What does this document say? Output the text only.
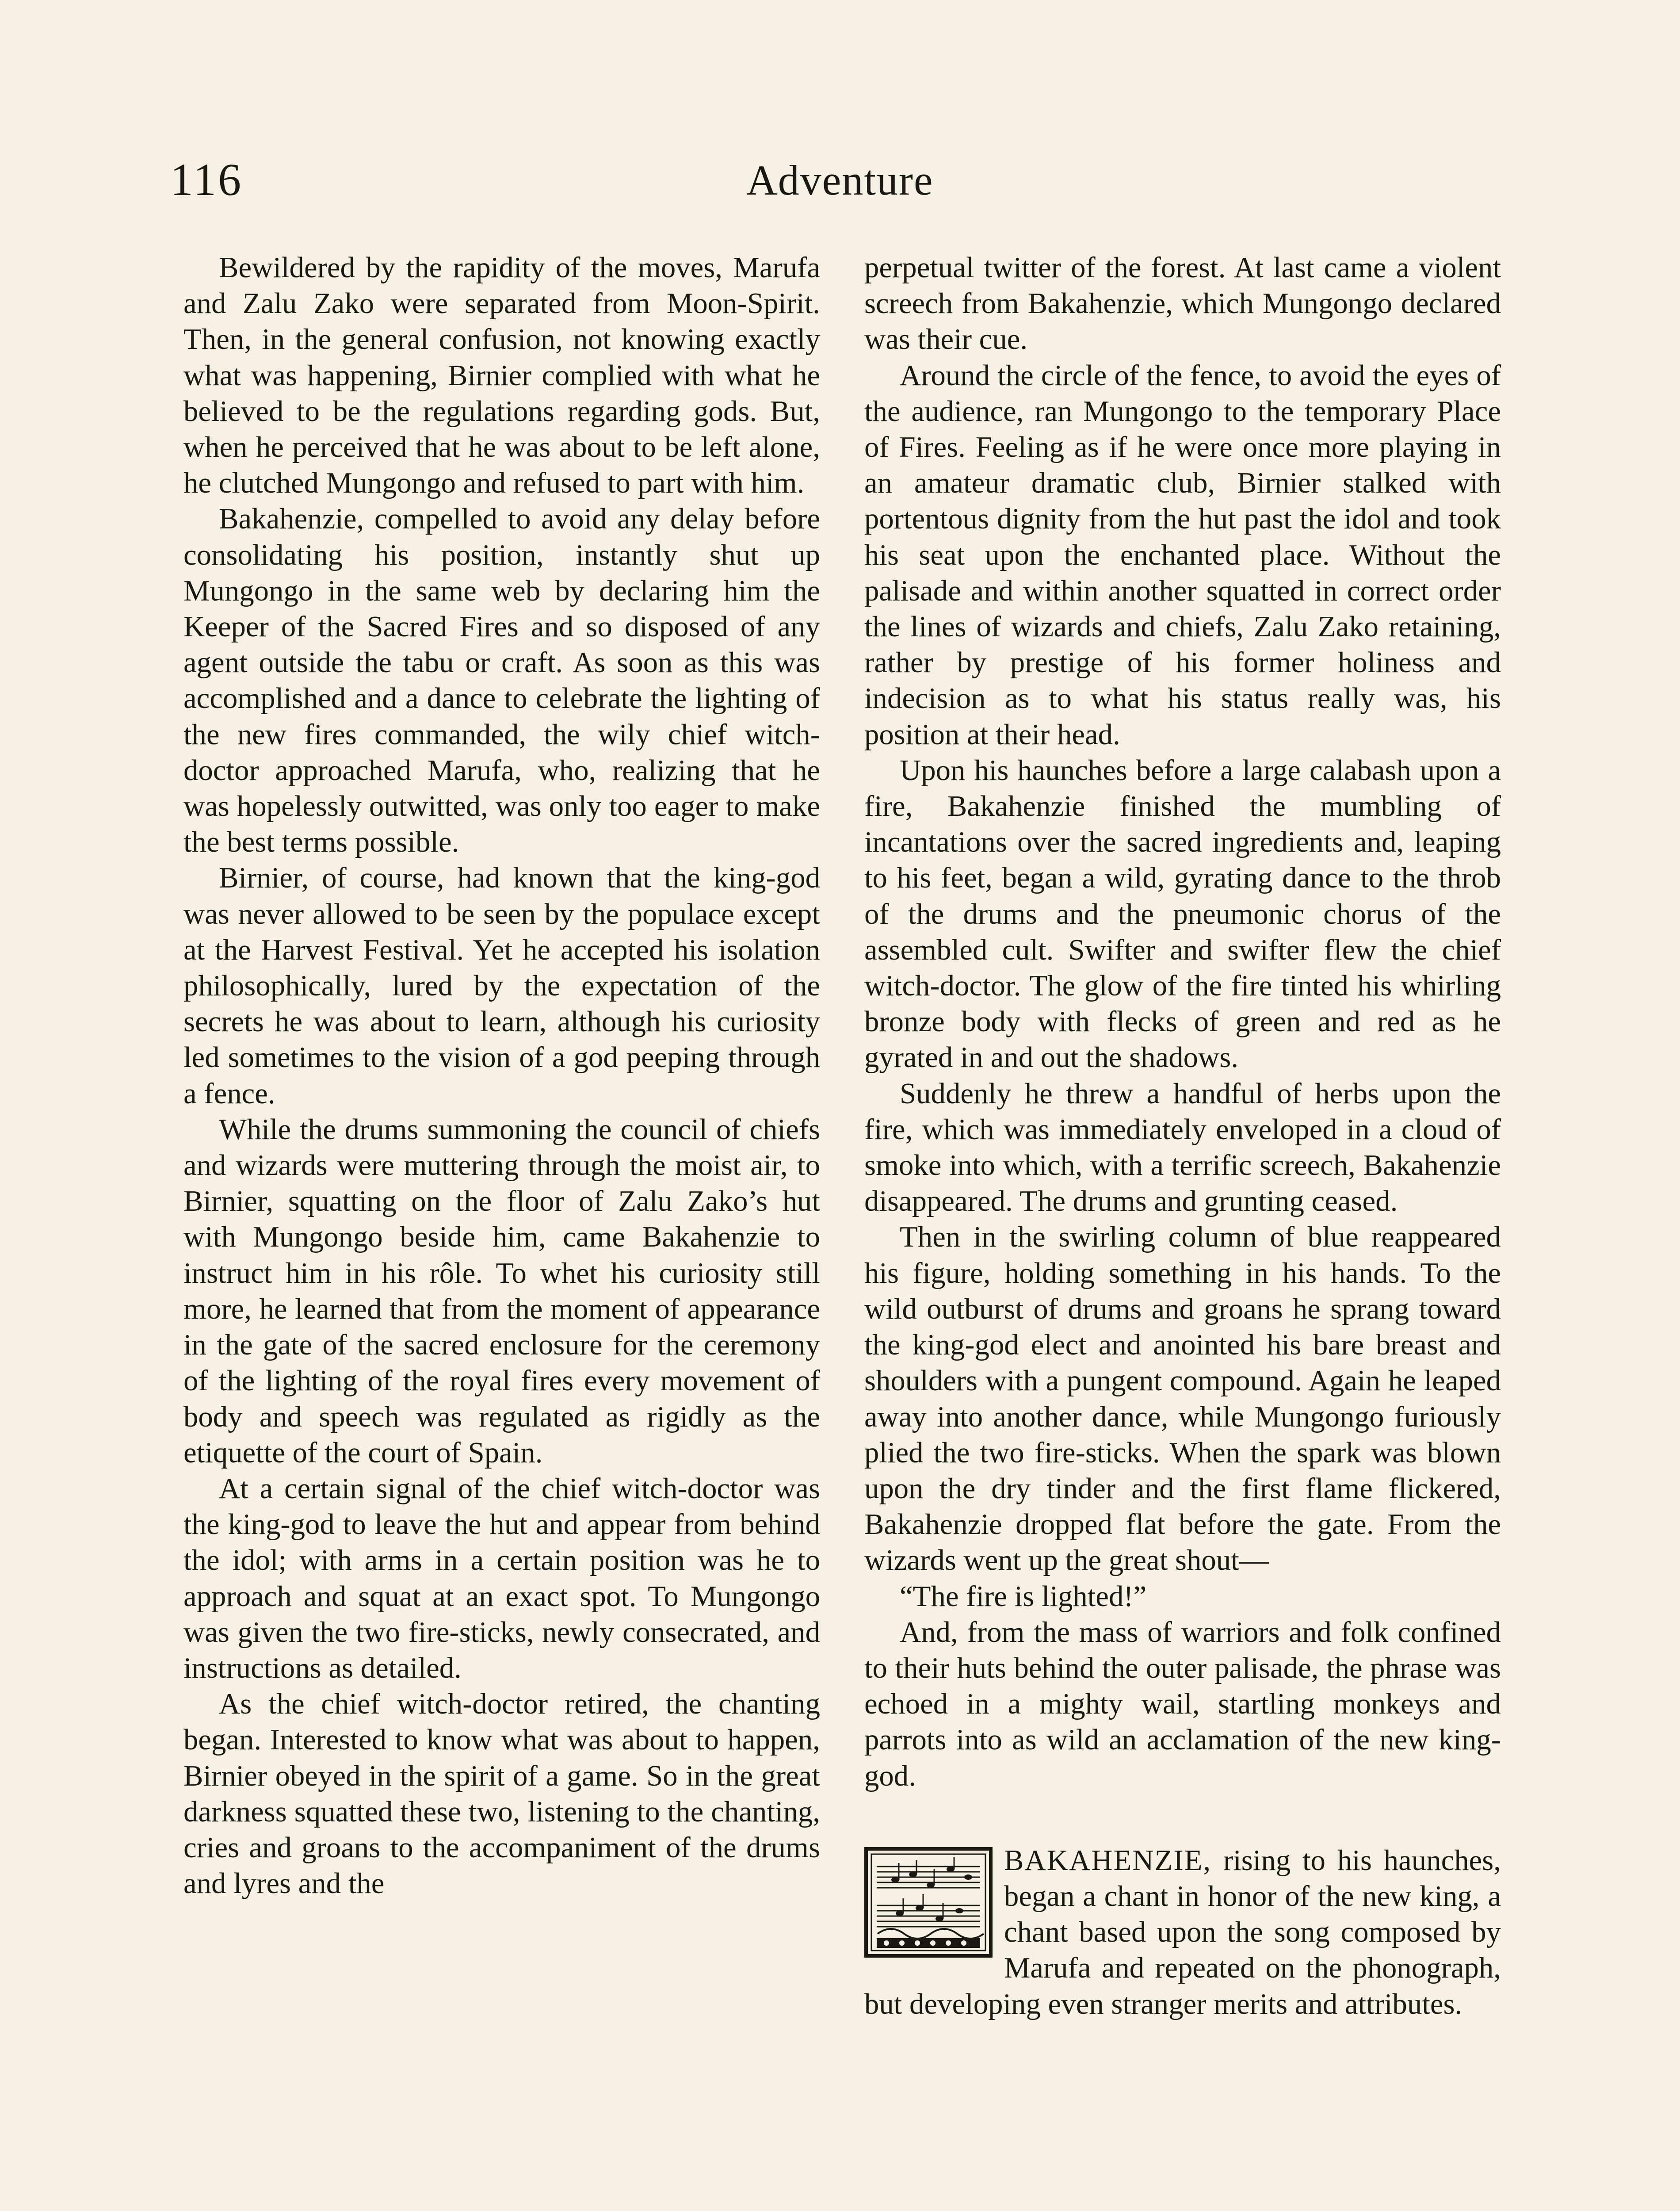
116	Adventure

Bewildered by the rapidity of the moves, Marufa and Zalu Zako were separated from Moon-Spirit. Then, in the general confusion, not knowing exactly what was happening, Birnier complied with what he believed to be the regulations regarding gods. But, when he perceived that he was about to be left alone, he clutched Mungongo and refused to part with him.

Bakahenzie, compelled to avoid any delay before consolidating his position, instantly shut up Mungongo in the same web by declaring him the Keeper of the Sacred Fires and so disposed of any agent outside the tabu or craft. As soon as this was accomplished and a dance to celebrate the lighting of the new fires commanded, the wily chief witch-doctor approached Marufa, who, realizing that he was hopelessly outwitted, was only too eager to make the best terms possible.

Birnier, of course, had known that the king-god was never allowed to be seen by the populace except at the Harvest Festival. Yet he accepted his isolation philosophically, lured by the expectation of the secrets he was about to learn, although his curiosity led sometimes to the vision of a god peeping through a fence.

While the drums summoning the council of chiefs and wizards were muttering through the moist air, to Birnier, squatting on the floor of Zalu Zako’s hut with Mungongo beside him, came Bakahenzie to instruct him in his rôle. To whet his curiosity still more, he learned that from the moment of appearance in the gate of the sacred enclosure for the ceremony of the lighting of the royal fires every movement of body and speech was regulated as rigidly as the etiquette of the court of Spain.

At a certain signal of the chief witch-doctor was the king-god to leave the hut and appear from behind the idol; with arms in a certain position was he to approach and squat at an exact spot. To Mungongo was given the two fire-sticks, newly consecrated, and instructions as detailed.

As the chief witch-doctor retired, the chanting began. Interested to know what was about to happen, Birnier obeyed in the spirit of a game. So in the great darkness squatted these two, listening to the chanting, cries and groans to the accompaniment of the drums and lyres and the

perpetual twitter of the forest. At last came a violent screech from Bakahenzie, which Mungongo declared was their cue.

Around the circle of the fence, to avoid the eyes of the audience, ran Mungongo to the temporary Place of Fires. Feeling as if he were once more playing in an amateur dramatic club, Birnier stalked with portentous dignity from the hut past the idol and took his seat upon the enchanted place. Without the palisade and within another squatted in correct order the lines of wizards and chiefs, Zalu Zako retaining, rather by prestige of his former holiness and indecision as to what his status really was, his position at their head.

Upon his haunches before a large calabash upon a fire, Bakahenzie finished the mumbling of incantations over the sacred ingredients and, leaping to his feet, began a wild, gyrating dance to the throb of the drums and the pneumonic chorus of the assembled cult. Swifter and swifter flew the chief witch-doctor. The glow of the fire tinted his whirling bronze body with flecks of green and red as he gyrated in and out the shadows.

Suddenly he threw a handful of herbs upon the fire, which was immediately enveloped in a cloud of smoke into which, with a terrific screech, Bakahenzie disappeared. The drums and grunting ceased.

Then in the swirling column of blue reappeared his figure, holding something in his hands. To the wild outburst of drums and groans he sprang toward the king-god elect and anointed his bare breast and shoulders with a pungent compound. Again he leaped away into another dance, while Mungongo furiously plied the two fire-sticks. When the spark was blown upon the dry tinder and the first flame flickered, Bakahenzie dropped flat before the gate. From the wizards went up the great shout—

“The fire is lighted!”

And, from the mass of warriors and folk confined to their huts behind the outer palisade, the phrase was echoed in a mighty wail, startling monkeys and parrots into as wild an acclamation of the new king-god.

BAKAHENZIE, rising to his haunches, began a chant in honor of the new king, a chant based upon the song composed by Marufa and repeated on the phonograph, but developing even stranger merits and attributes.
